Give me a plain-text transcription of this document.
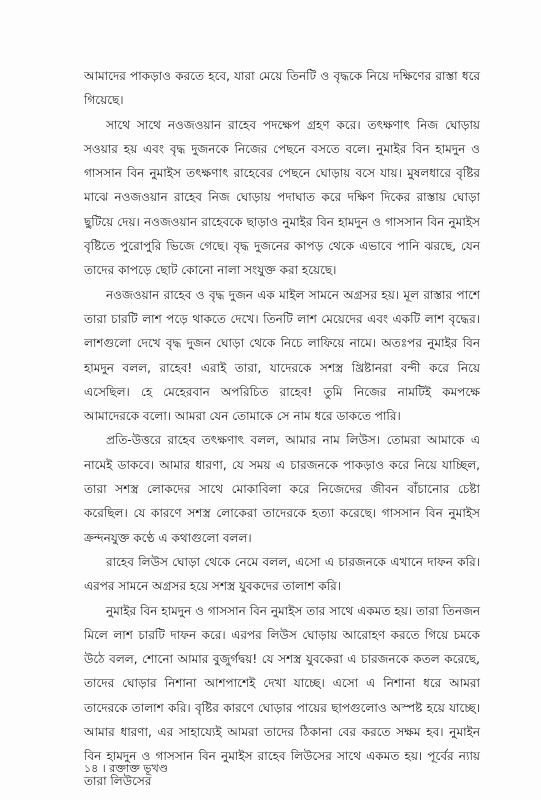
আমাদের পাকড়াও করতে হবে, যারা মেয়ে তিনটি ও বৃদ্ধকে নিয়ে দক্ষিণের রাস্তা ধরে গিয়েছে।

সাথে সাথে নওজওয়ান রাহেব পদক্ষেপ গ্রহণ করে। তৎক্ষণাৎ নিজ ঘোড়ায় সওয়ার হয় এবং বৃদ্ধ দুজনকে নিজের পেছনে বসতে বলে। নুমাইর বিন হামদুন ও গাসসান বিন নুমাইস তৎক্ষণাৎ রাহেবের পেছনে ঘোড়ায় বসে যায়। মুষলধারে বৃষ্টির মাঝে নওজওয়ান রাহেব নিজ ঘোড়ায় পদাঘাত করে দক্ষিণ দিকের রাস্তায় ঘোড়া ছুটিয়ে দেয়। নওজওয়ান রাহেবকে ছাড়াও নুমাইর বিন হামদুন ও গাসসান বিন নুমাইস বৃষ্টিতে পুরোপুরি ভিজে গেছে। বৃদ্ধ দুজনের কাপড় থেকে এভাবে পানি ঝরছে, যেন তাদের কাপড়ে ছোট কোনো নালা সংযুক্ত করা হয়েছে।

নওজওয়ান রাহেব ও বৃদ্ধ দুজন এক মাইল সামনে অগ্রসর হয়। মূল রাস্তার পাশে তারা চারটি লাশ পড়ে থাকতে দেখে। তিনটি লাশ মেয়েদের এবং একটি লাশ বৃদ্ধের। লাশগুলো দেখে বৃদ্ধ দুজন ঘোড়া থেকে নিচে লাফিয়ে নামে। অতঃপর নুমাইর বিন হামদুন বলল, রাহেব! এরাই তারা, যাদেরকে সশস্ত্র খ্রিষ্টানরা বন্দী করে নিয়ে এসেছিল। হে মেহেরবান অপরিচিত রাহেব! তুমি নিজের নামটিই কমপক্ষে আমাদেরকে বলো। আমরা যেন তোমাকে সে নাম ধরে ডাকতে পারি।

প্রতি-উত্তরে রাহেব তৎক্ষণাৎ বলল, আমার নাম লিউস। তোমরা আমাকে এ নামেই ডাকবে। আমার ধারণা, যে সময় এ চারজনকে পাকড়াও করে নিয়ে যাচ্ছিল, তারা সশস্ত্র লোকদের সাথে মোকাবিলা করে নিজেদের জীবন বাঁচানোর চেষ্টা করেছিল। যে কারণে সশস্ত্র লোকেরা তাদেরকে হত্যা করেছে। গাসসান বিন নুমাইস ক্রন্দনযুক্ত কণ্ঠে এ কথাগুলো বলল।

রাহেব লিউস ঘোড়া থেকে নেমে বলল, এসো এ চারজনকে এখানে দাফন করি। এরপর সামনে অগ্রসর হয়ে সশস্ত্র যুবকদের তালাশ করি।

নুমাইর বিন হামদুন ও গাসসান বিন নুমাইস তার সাথে একমত হয়। তারা তিনজন মিলে লাশ চারটি দাফন করে। এরপর লিউস ঘোড়ায় আরোহণ করতে গিয়ে চমকে উঠে বলল, শোনো আমার বুজুর্গদ্বয়! যে সশস্ত্র যুবকেরা এ চারজনকে কতল করেছে, তাদের ঘোড়ার নিশানা আশপাশেই দেখা যাচ্ছে। এসো এ নিশানা ধরে আমরা তাদেরকে তালাশ করি। বৃষ্টির কারণে ঘোড়ার পায়ের ছাপগুলোও অস্পষ্ট হয়ে যাচ্ছে। আমার ধারণা, এর সাহায্যেই আমরা তাদের ঠিকানা বের করতে সক্ষম হব। নুমাইন বিন হামদুন ও গাসসান বিন নুমাইস রাহেব লিউসের সাথে একমত হয়। পূর্বের ন্যায় তারা লিউসের

১৪ । রক্তাক্ত ভূখণ্ড
